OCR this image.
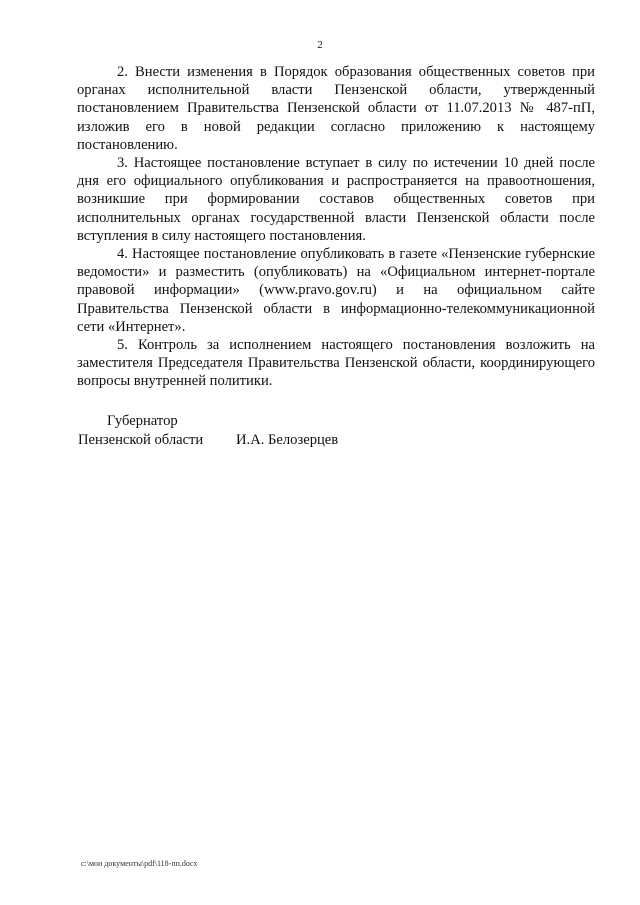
2

2. Внести изменения в Порядок образования общественных советов при органах исполнительной власти Пензенской области, утвержденный постановлением Правительства Пензенской области от 11.07.2013 № 487-пП, изложив его в новой редакции согласно приложению к настоящему постановлению.

3. Настоящее постановление вступает в силу по истечении 10 дней после дня его официального опубликования и распространяется на правоотношения, возникшие при формировании составов общественных советов при исполнительных органах государственной власти Пензенской области после вступления в силу настоящего постановления.

4. Настоящее постановление опубликовать в газете «Пензенские губернские ведомости» и разместить (опубликовать) на «Официальном интернет-портале правовой информации» (www.pravo.gov.ru) и на официальном сайте Правительства Пензенской области в информационно-телекоммуникационной сети «Интернет».

5. Контроль за исполнением настоящего постановления возложить на заместителя Председателя Правительства Пензенской области, координирующего вопросы внутренней политики.

Губернатор
Пензенской области И.А. Белозерцев
c:\мои документы\pdf\118-пп.docx
